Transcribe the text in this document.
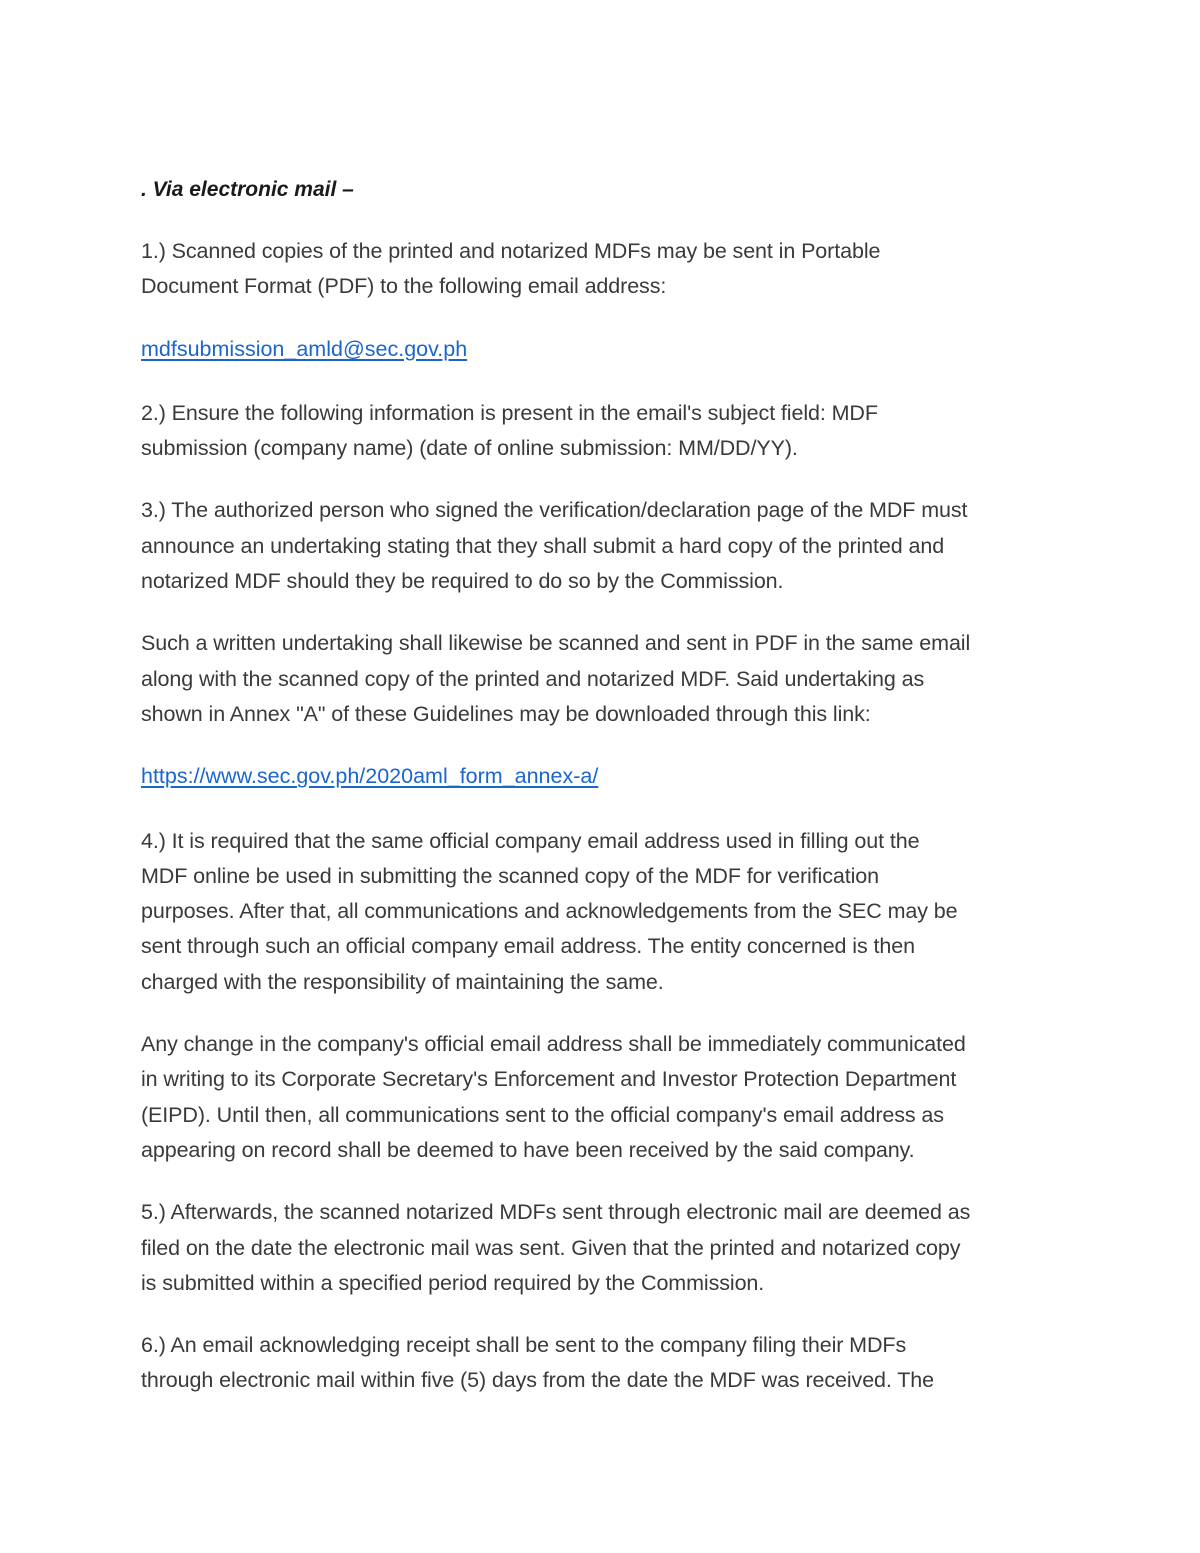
. Via electronic mail –
1.) Scanned copies of the printed and notarized MDFs may be sent in Portable
Document Format (PDF) to the following email address:
mdfsubmission_amld@sec.gov.ph
2.) Ensure the following information is present in the email's subject field: MDF
submission (company name) (date of online submission: MM/DD/YY).
3.) The authorized person who signed the verification/declaration page of the MDF must
announce an undertaking stating that they shall submit a hard copy of the printed and
notarized MDF should they be required to do so by the Commission.
Such a written undertaking shall likewise be scanned and sent in PDF in the same email
along with the scanned copy of the printed and notarized MDF. Said undertaking as
shown in Annex "A" of these Guidelines may be downloaded through this link:
https://www.sec.gov.ph/2020aml_form_annex-a/
4.) It is required that the same official company email address used in filling out the
MDF online be used in submitting the scanned copy of the MDF for verification
purposes. After that, all communications and acknowledgements from the SEC may be
sent through such an official company email address. The entity concerned is then
charged with the responsibility of maintaining the same.
Any change in the company's official email address shall be immediately communicated
in writing to its Corporate Secretary's Enforcement and Investor Protection Department
(EIPD). Until then, all communications sent to the official company's email address as
appearing on record shall be deemed to have been received by the said company.
5.) Afterwards, the scanned notarized MDFs sent through electronic mail are deemed as
filed on the date the electronic mail was sent. Given that the printed and notarized copy
is submitted within a specified period required by the Commission.
6.) An email acknowledging receipt shall be sent to the company filing their MDFs
through electronic mail within five (5) days from the date the MDF was received. The
